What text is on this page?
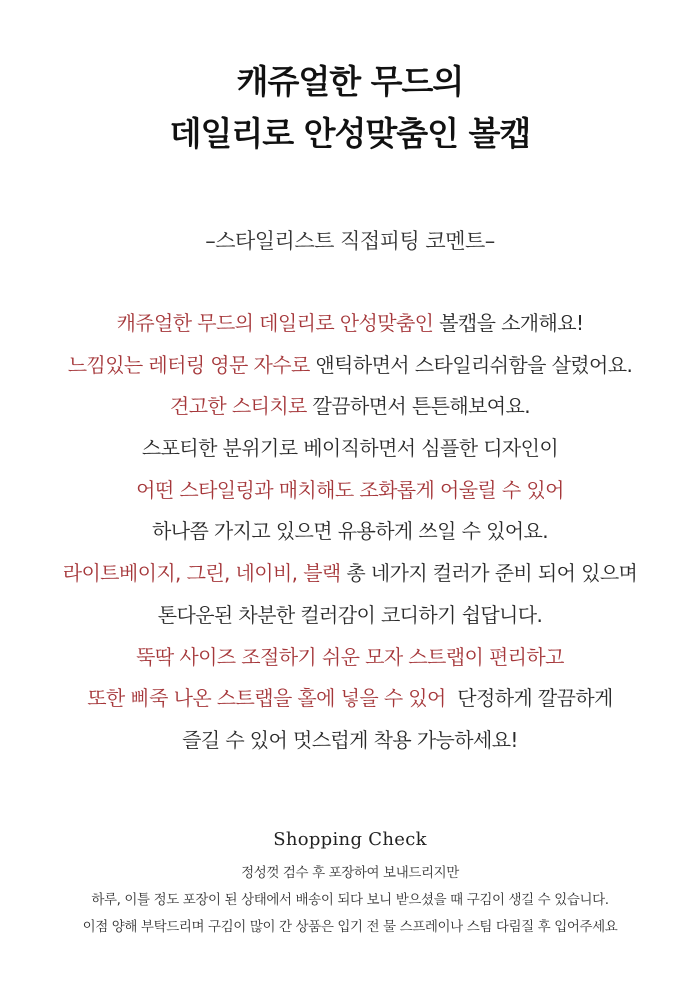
캐쥬얼한 무드의
데일리로 안성맞춤인 볼캡
–스타일리스트 직접피팅 코멘트–
캐쥬얼한 무드의 데일리로 안성맞춤인 볼캡을 소개해요!
느낌있는 레터링 영문 자수로 앤틱하면서 스타일리쉬함을 살렸어요.
견고한 스티치로 깔끔하면서 튼튼해보여요.
스포티한 분위기로 베이직하면서 심플한 디자인이
어떤 스타일링과 매치해도 조화롭게 어울릴 수 있어
하나쯤 가지고 있으면 유용하게 쓰일 수 있어요.
라이트베이지, 그린, 네이비, 블랙 총 네가지 컬러가 준비 되어 있으며
톤다운된 차분한 컬러감이 코디하기 쉽답니다.
뚝딱 사이즈 조절하기 쉬운 모자 스트랩이 편리하고
또한 삐죽 나온 스트랩을 홀에 넣을 수 있어  단정하게 깔끔하게
즐길 수 있어 멋스럽게 착용 가능하세요!
Shopping Check
정성껏 검수 후 포장하여 보내드리지만
하루, 이틀 정도 포장이 된 상태에서 배송이 되다 보니 받으셨을 때 구김이 생길 수 있습니다.
이점 양해 부탁드리며 구김이 많이 간 상품은 입기 전 물 스프레이나 스팀 다림질 후 입어주세요
